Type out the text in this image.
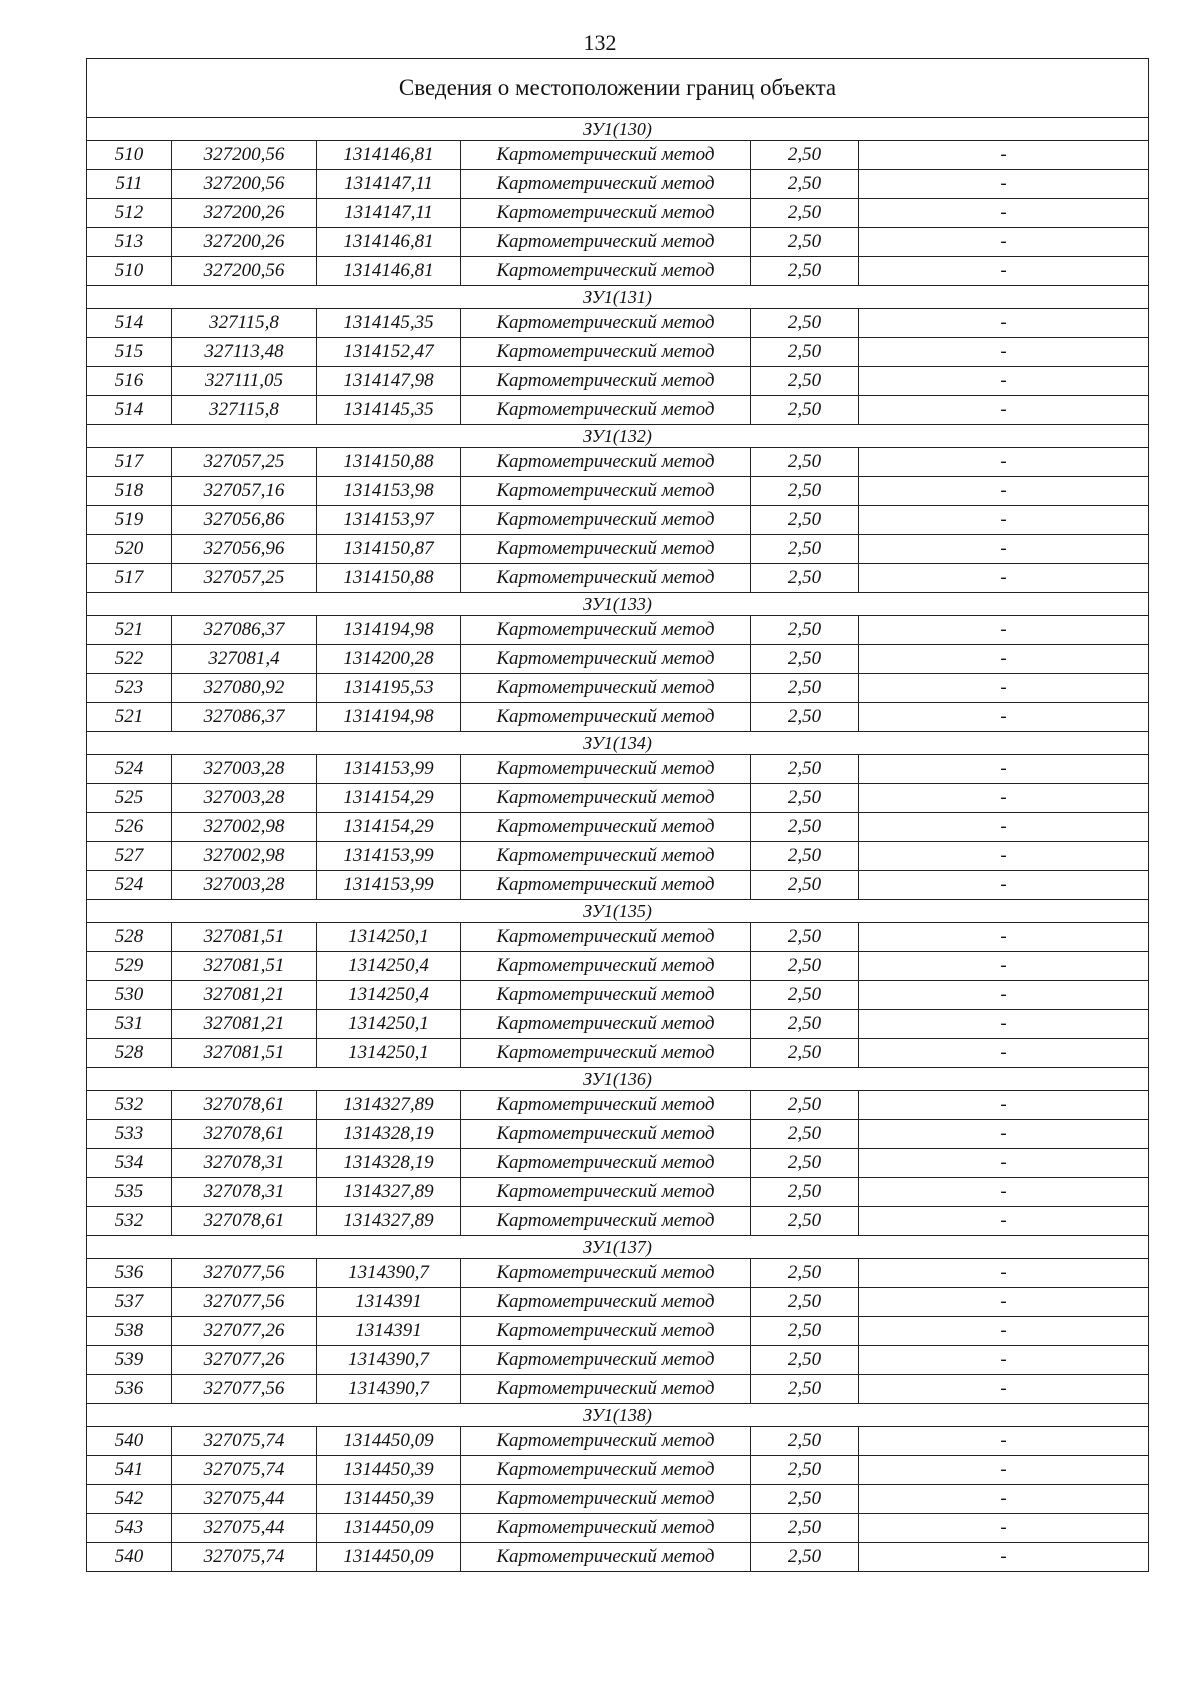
132
Сведения о местоположении границ объекта					
ЗУ1(130)					
510	327200,56	1314146,81	Картометрический метод	2,50	-
511	327200,56	1314147,11	Картометрический метод	2,50	-
512	327200,26	1314147,11	Картометрический метод	2,50	-
513	327200,26	1314146,81	Картометрический метод	2,50	-
510	327200,56	1314146,81	Картометрический метод	2,50	-
ЗУ1(131)					
514	327115,8	1314145,35	Картометрический метод	2,50	-
515	327113,48	1314152,47	Картометрический метод	2,50	-
516	327111,05	1314147,98	Картометрический метод	2,50	-
514	327115,8	1314145,35	Картометрический метод	2,50	-
ЗУ1(132)					
517	327057,25	1314150,88	Картометрический метод	2,50	-
518	327057,16	1314153,98	Картометрический метод	2,50	-
519	327056,86	1314153,97	Картометрический метод	2,50	-
520	327056,96	1314150,87	Картометрический метод	2,50	-
517	327057,25	1314150,88	Картометрический метод	2,50	-
ЗУ1(133)					
521	327086,37	1314194,98	Картометрический метод	2,50	-
522	327081,4	1314200,28	Картометрический метод	2,50	-
523	327080,92	1314195,53	Картометрический метод	2,50	-
521	327086,37	1314194,98	Картометрический метод	2,50	-
ЗУ1(134)					
524	327003,28	1314153,99	Картометрический метод	2,50	-
525	327003,28	1314154,29	Картометрический метод	2,50	-
526	327002,98	1314154,29	Картометрический метод	2,50	-
527	327002,98	1314153,99	Картометрический метод	2,50	-
524	327003,28	1314153,99	Картометрический метод	2,50	-
ЗУ1(135)					
528	327081,51	1314250,1	Картометрический метод	2,50	-
529	327081,51	1314250,4	Картометрический метод	2,50	-
530	327081,21	1314250,4	Картометрический метод	2,50	-
531	327081,21	1314250,1	Картометрический метод	2,50	-
528	327081,51	1314250,1	Картометрический метод	2,50	-
ЗУ1(136)					
532	327078,61	1314327,89	Картометрический метод	2,50	-
533	327078,61	1314328,19	Картометрический метод	2,50	-
534	327078,31	1314328,19	Картометрический метод	2,50	-
535	327078,31	1314327,89	Картометрический метод	2,50	-
532	327078,61	1314327,89	Картометрический метод	2,50	-
ЗУ1(137)					
536	327077,56	1314390,7	Картометрический метод	2,50	-
537	327077,56	1314391	Картометрический метод	2,50	-
538	327077,26	1314391	Картометрический метод	2,50	-
539	327077,26	1314390,7	Картометрический метод	2,50	-
536	327077,56	1314390,7	Картометрический метод	2,50	-
ЗУ1(138)					
540	327075,74	1314450,09	Картометрический метод	2,50	-
541	327075,74	1314450,39	Картометрический метод	2,50	-
542	327075,44	1314450,39	Картометрический метод	2,50	-
543	327075,44	1314450,09	Картометрический метод	2,50	-
540	327075,74	1314450,09	Картометрический метод	2,50	-
